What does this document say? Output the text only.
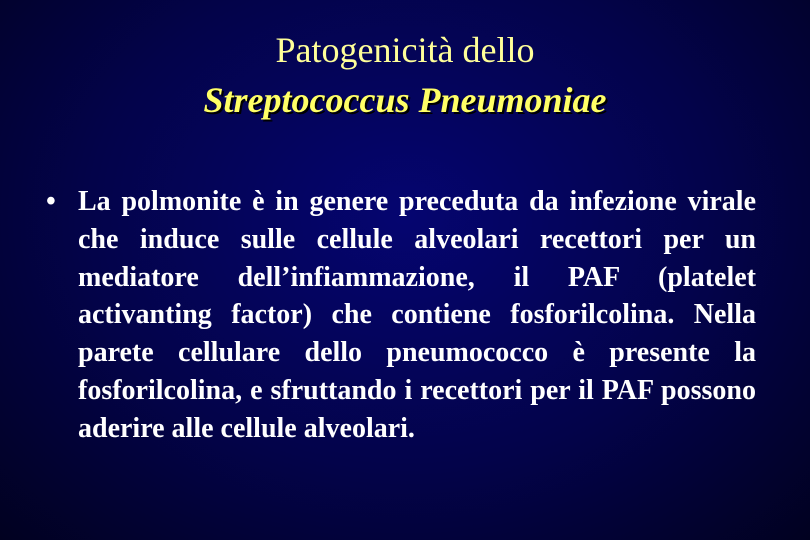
Patogenicità dello
Streptococcus Pneumoniae
• La polmonite è in genere preceduta da infezione virale che induce sulle cellule alveolari recettori per un mediatore dell’infiammazione, il PAF (platelet activanting factor) che contiene fosforilcolina. Nella parete cellulare dello pneumococco è presente la fosforilcolina, e sfruttando i recettori per il PAF possono aderire alle cellule alveolari.
